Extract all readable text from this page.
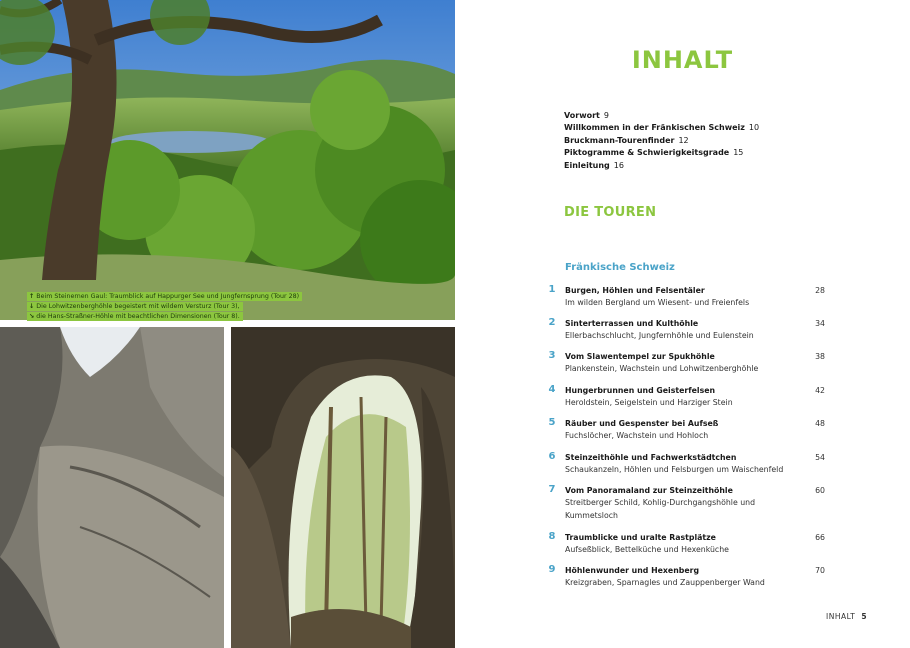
↑ Beim Steinernen Gaul: Traumblick auf Happurger See und Jungfernsprung (Tour 28)
↓ Die Lohwitzenberghöhle begeistert mit wildem Versturz (Tour 3),
↘ die Hans-Straßner-Höhle mit beachtlichen Dimensionen (Tour 8).
INHALT
Vorwort 9
Willkommen in der Fränkischen Schweiz 10
Bruckmann-Tourenfinder 12
Piktogramme & Schwierigkeitsgrade 15
Einleitung 16
DIE TOUREN
Fränkische Schweiz
1	Burgen, Höhlen und Felsentäler
Im wilden Bergland um Wiesent- und Freienfels
28
2	Sinterterrassen und Kulthöhle
Ellerbachschlucht, Jungfernhöhle und Eulenstein
34
3	Vom Slawentempel zur Spukhöhle
Plankenstein, Wachstein und Lohwitzenberghöhle
38
4	Hungerbrunnen und Geisterfelsen
Heroldstein, Seigelstein und Harziger Stein
42
5	Räuber und Gespenster bei Aufseß
Fuchslöcher, Wachstein und Hohloch
48
6	Steinzeithöhle und Fachwerkstädtchen
Schaukanzeln, Höhlen und Felsburgen um Waischenfeld
54
7	Vom Panoramaland zur Steinzeithöhle
Streitberger Schild, Kohlig-Durchgangshöhle und Kummetsloch
60
8	Traumblicke und uralte Rastplätze
Aufseßblick, Bettelküche und Hexenküche
66
9	Höhlenwunder und Hexenberg
Kreizgraben, Sparnagles und Zauppenberger Wand
70
INHALT 5
